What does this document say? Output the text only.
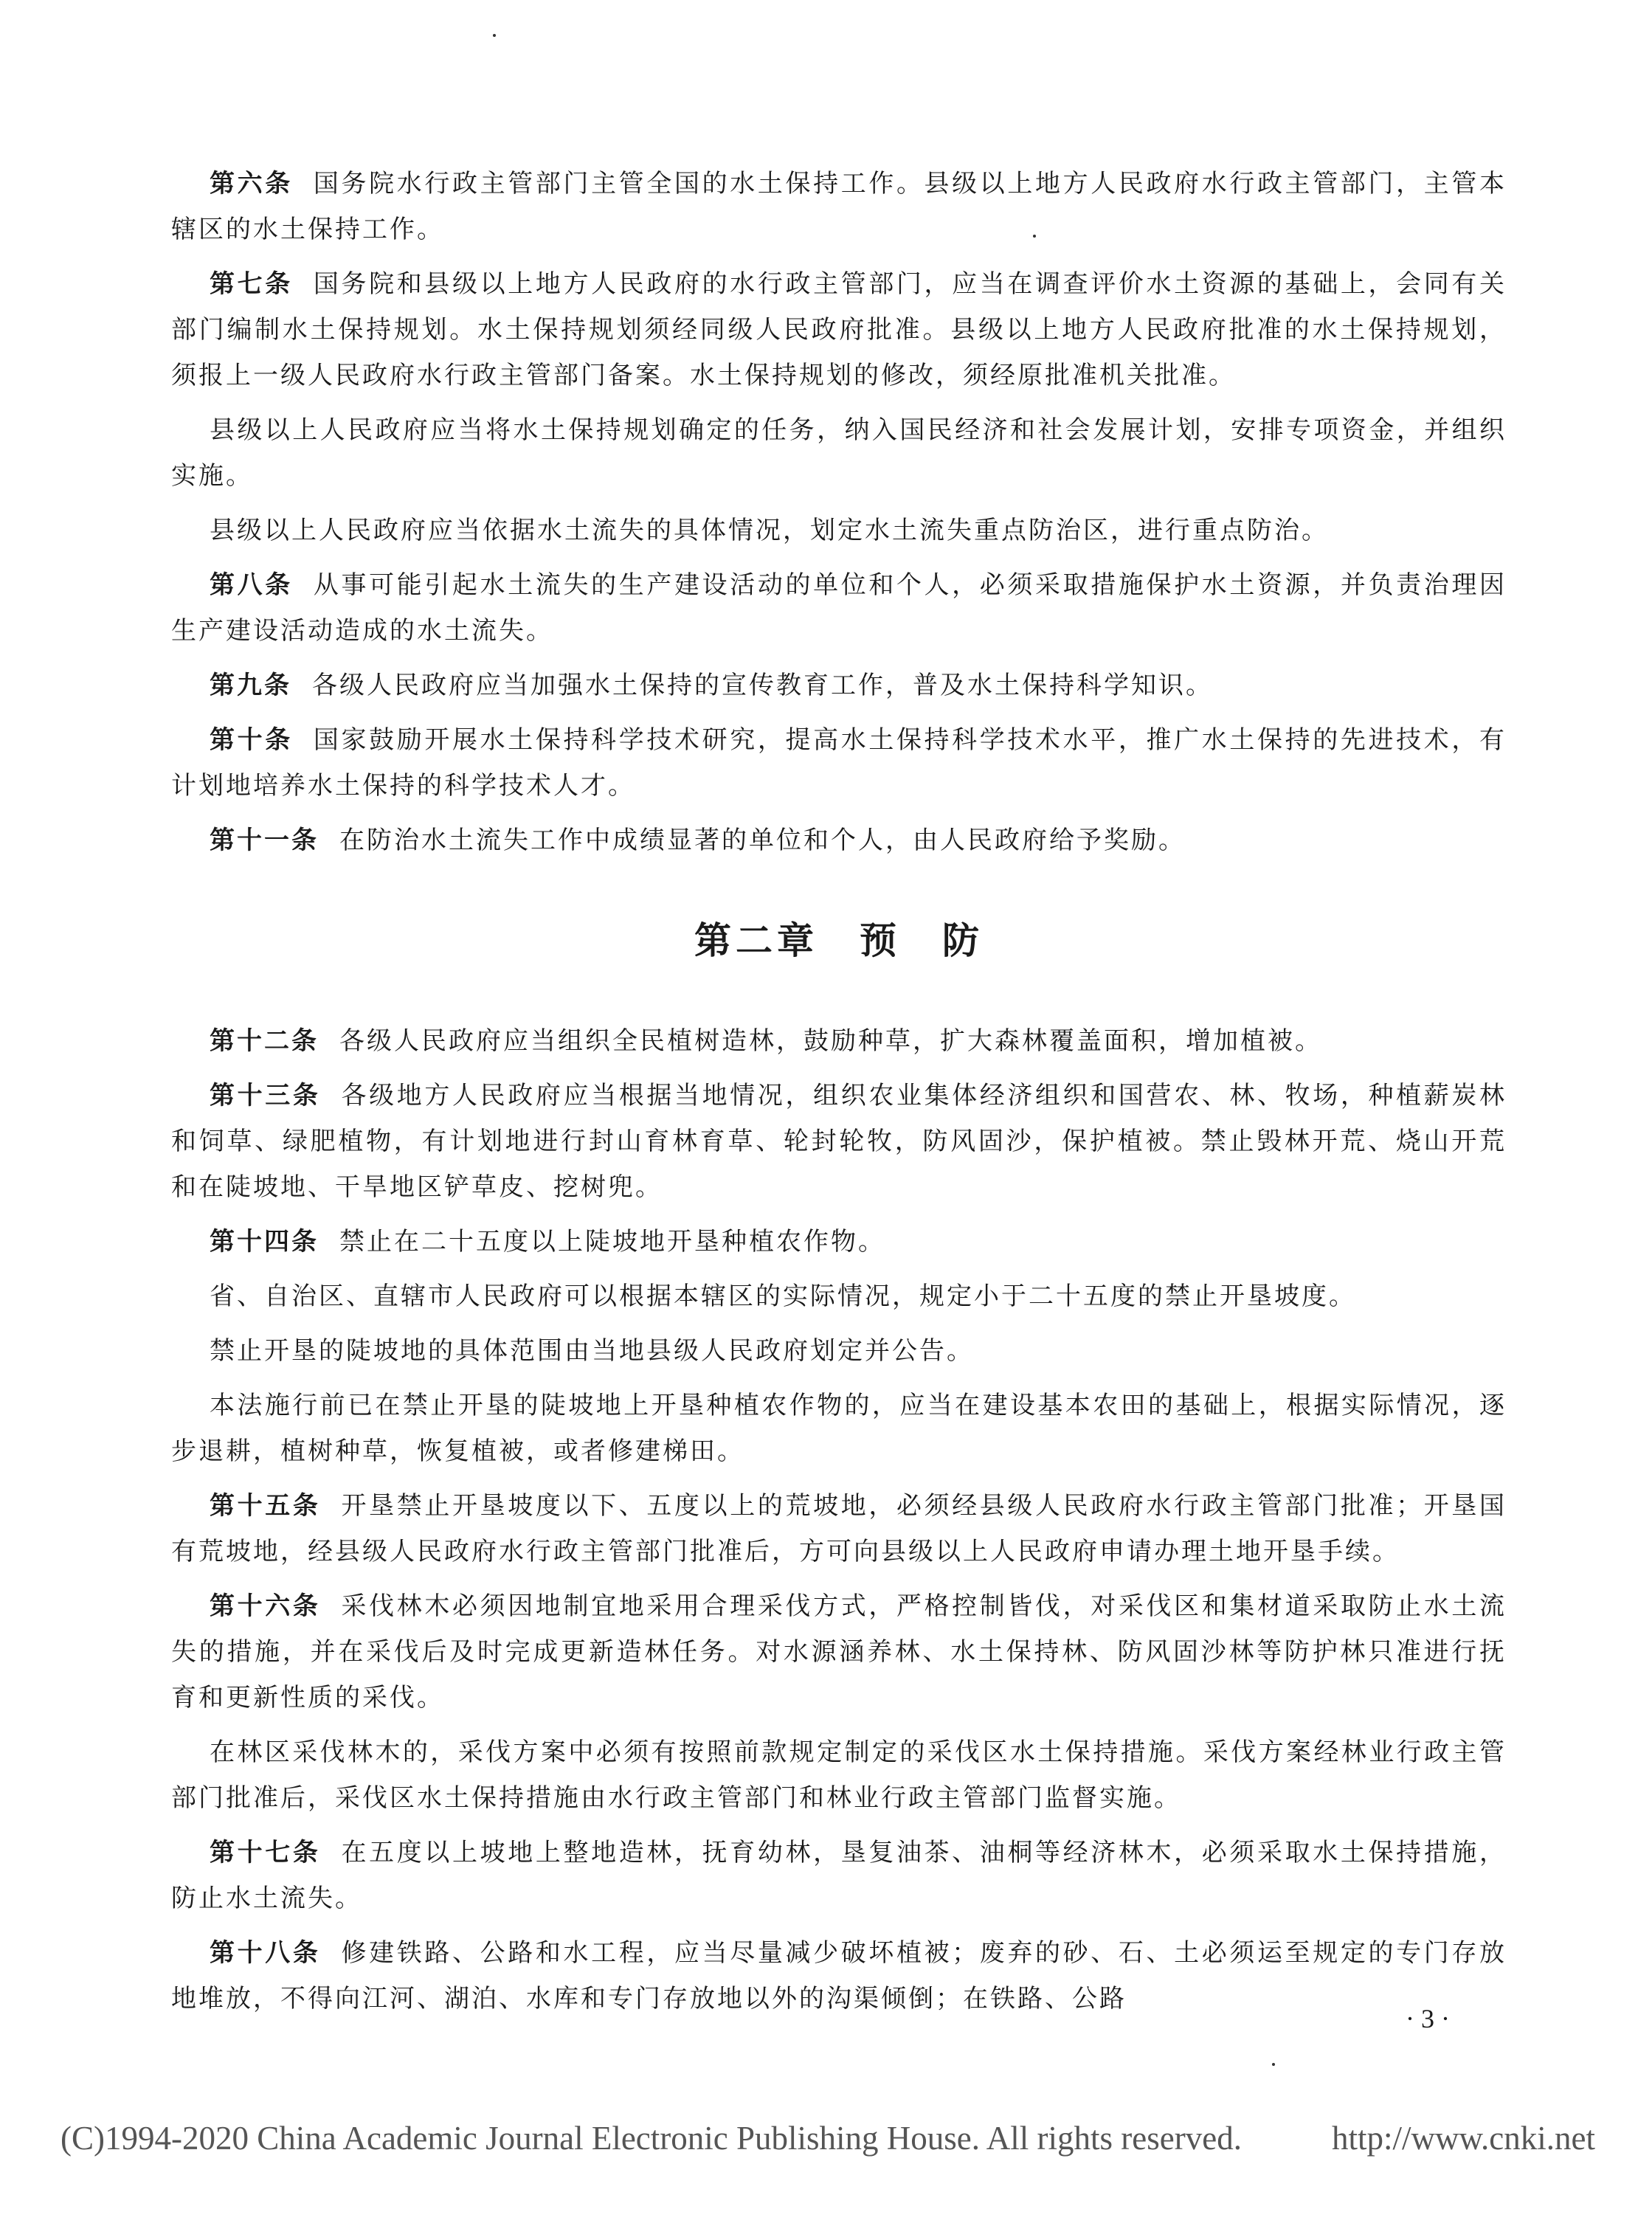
第六条 国务院水行政主管部门主管全国的水土保持工作。县级以上地方人民政府水行政主管部门，主管本辖区的水土保持工作。

第七条 国务院和县级以上地方人民政府的水行政主管部门，应当在调查评价水土资源的基础上，会同有关部门编制水土保持规划。水土保持规划须经同级人民政府批准。县级以上地方人民政府批准的水土保持规划，须报上一级人民政府水行政主管部门备案。水土保持规划的修改，须经原批准机关批准。

县级以上人民政府应当将水土保持规划确定的任务，纳入国民经济和社会发展计划，安排专项资金，并组织实施。

县级以上人民政府应当依据水土流失的具体情况，划定水土流失重点防治区，进行重点防治。

第八条 从事可能引起水土流失的生产建设活动的单位和个人，必须采取措施保护水土资源，并负责治理因生产建设活动造成的水土流失。

第九条 各级人民政府应当加强水土保持的宣传教育工作，普及水土保持科学知识。

第十条 国家鼓励开展水土保持科学技术研究，提高水土保持科学技术水平，推广水土保持的先进技术，有计划地培养水土保持的科学技术人才。

第十一条 在防治水土流失工作中成绩显著的单位和个人，由人民政府给予奖励。

第二章　预　防

第十二条 各级人民政府应当组织全民植树造林，鼓励种草，扩大森林覆盖面积，增加植被。

第十三条 各级地方人民政府应当根据当地情况，组织农业集体经济组织和国营农、林、牧场，种植薪炭林和饲草、绿肥植物，有计划地进行封山育林育草、轮封轮牧，防风固沙，保护植被。禁止毁林开荒、烧山开荒和在陡坡地、干旱地区铲草皮、挖树兜。

第十四条 禁止在二十五度以上陡坡地开垦种植农作物。

省、自治区、直辖市人民政府可以根据本辖区的实际情况，规定小于二十五度的禁止开垦坡度。

禁止开垦的陡坡地的具体范围由当地县级人民政府划定并公告。

本法施行前已在禁止开垦的陡坡地上开垦种植农作物的，应当在建设基本农田的基础上，根据实际情况，逐步退耕，植树种草，恢复植被，或者修建梯田。

第十五条 开垦禁止开垦坡度以下、五度以上的荒坡地，必须经县级人民政府水行政主管部门批准；开垦国有荒坡地，经县级人民政府水行政主管部门批准后，方可向县级以上人民政府申请办理土地开垦手续。

第十六条 采伐林木必须因地制宜地采用合理采伐方式，严格控制皆伐，对采伐区和集材道采取防止水土流失的措施，并在采伐后及时完成更新造林任务。对水源涵养林、水土保持林、防风固沙林等防护林只准进行抚育和更新性质的采伐。

在林区采伐林木的，采伐方案中必须有按照前款规定制定的采伐区水土保持措施。采伐方案经林业行政主管部门批准后，采伐区水土保持措施由水行政主管部门和林业行政主管部门监督实施。

第十七条 在五度以上坡地上整地造林，抚育幼林，垦复油茶、油桐等经济林木，必须采取水土保持措施，防止水土流失。

第十八条 修建铁路、公路和水工程，应当尽量减少破坏植被；废弃的砂、石、土必须运至规定的专门存放地堆放，不得向江河、湖泊、水库和专门存放地以外的沟渠倾倒；在铁路、公路

· 3 ·
(C)1994-2020 China Academic Journal Electronic Publishing House. All rights reserved.	http://www.cnki.net
